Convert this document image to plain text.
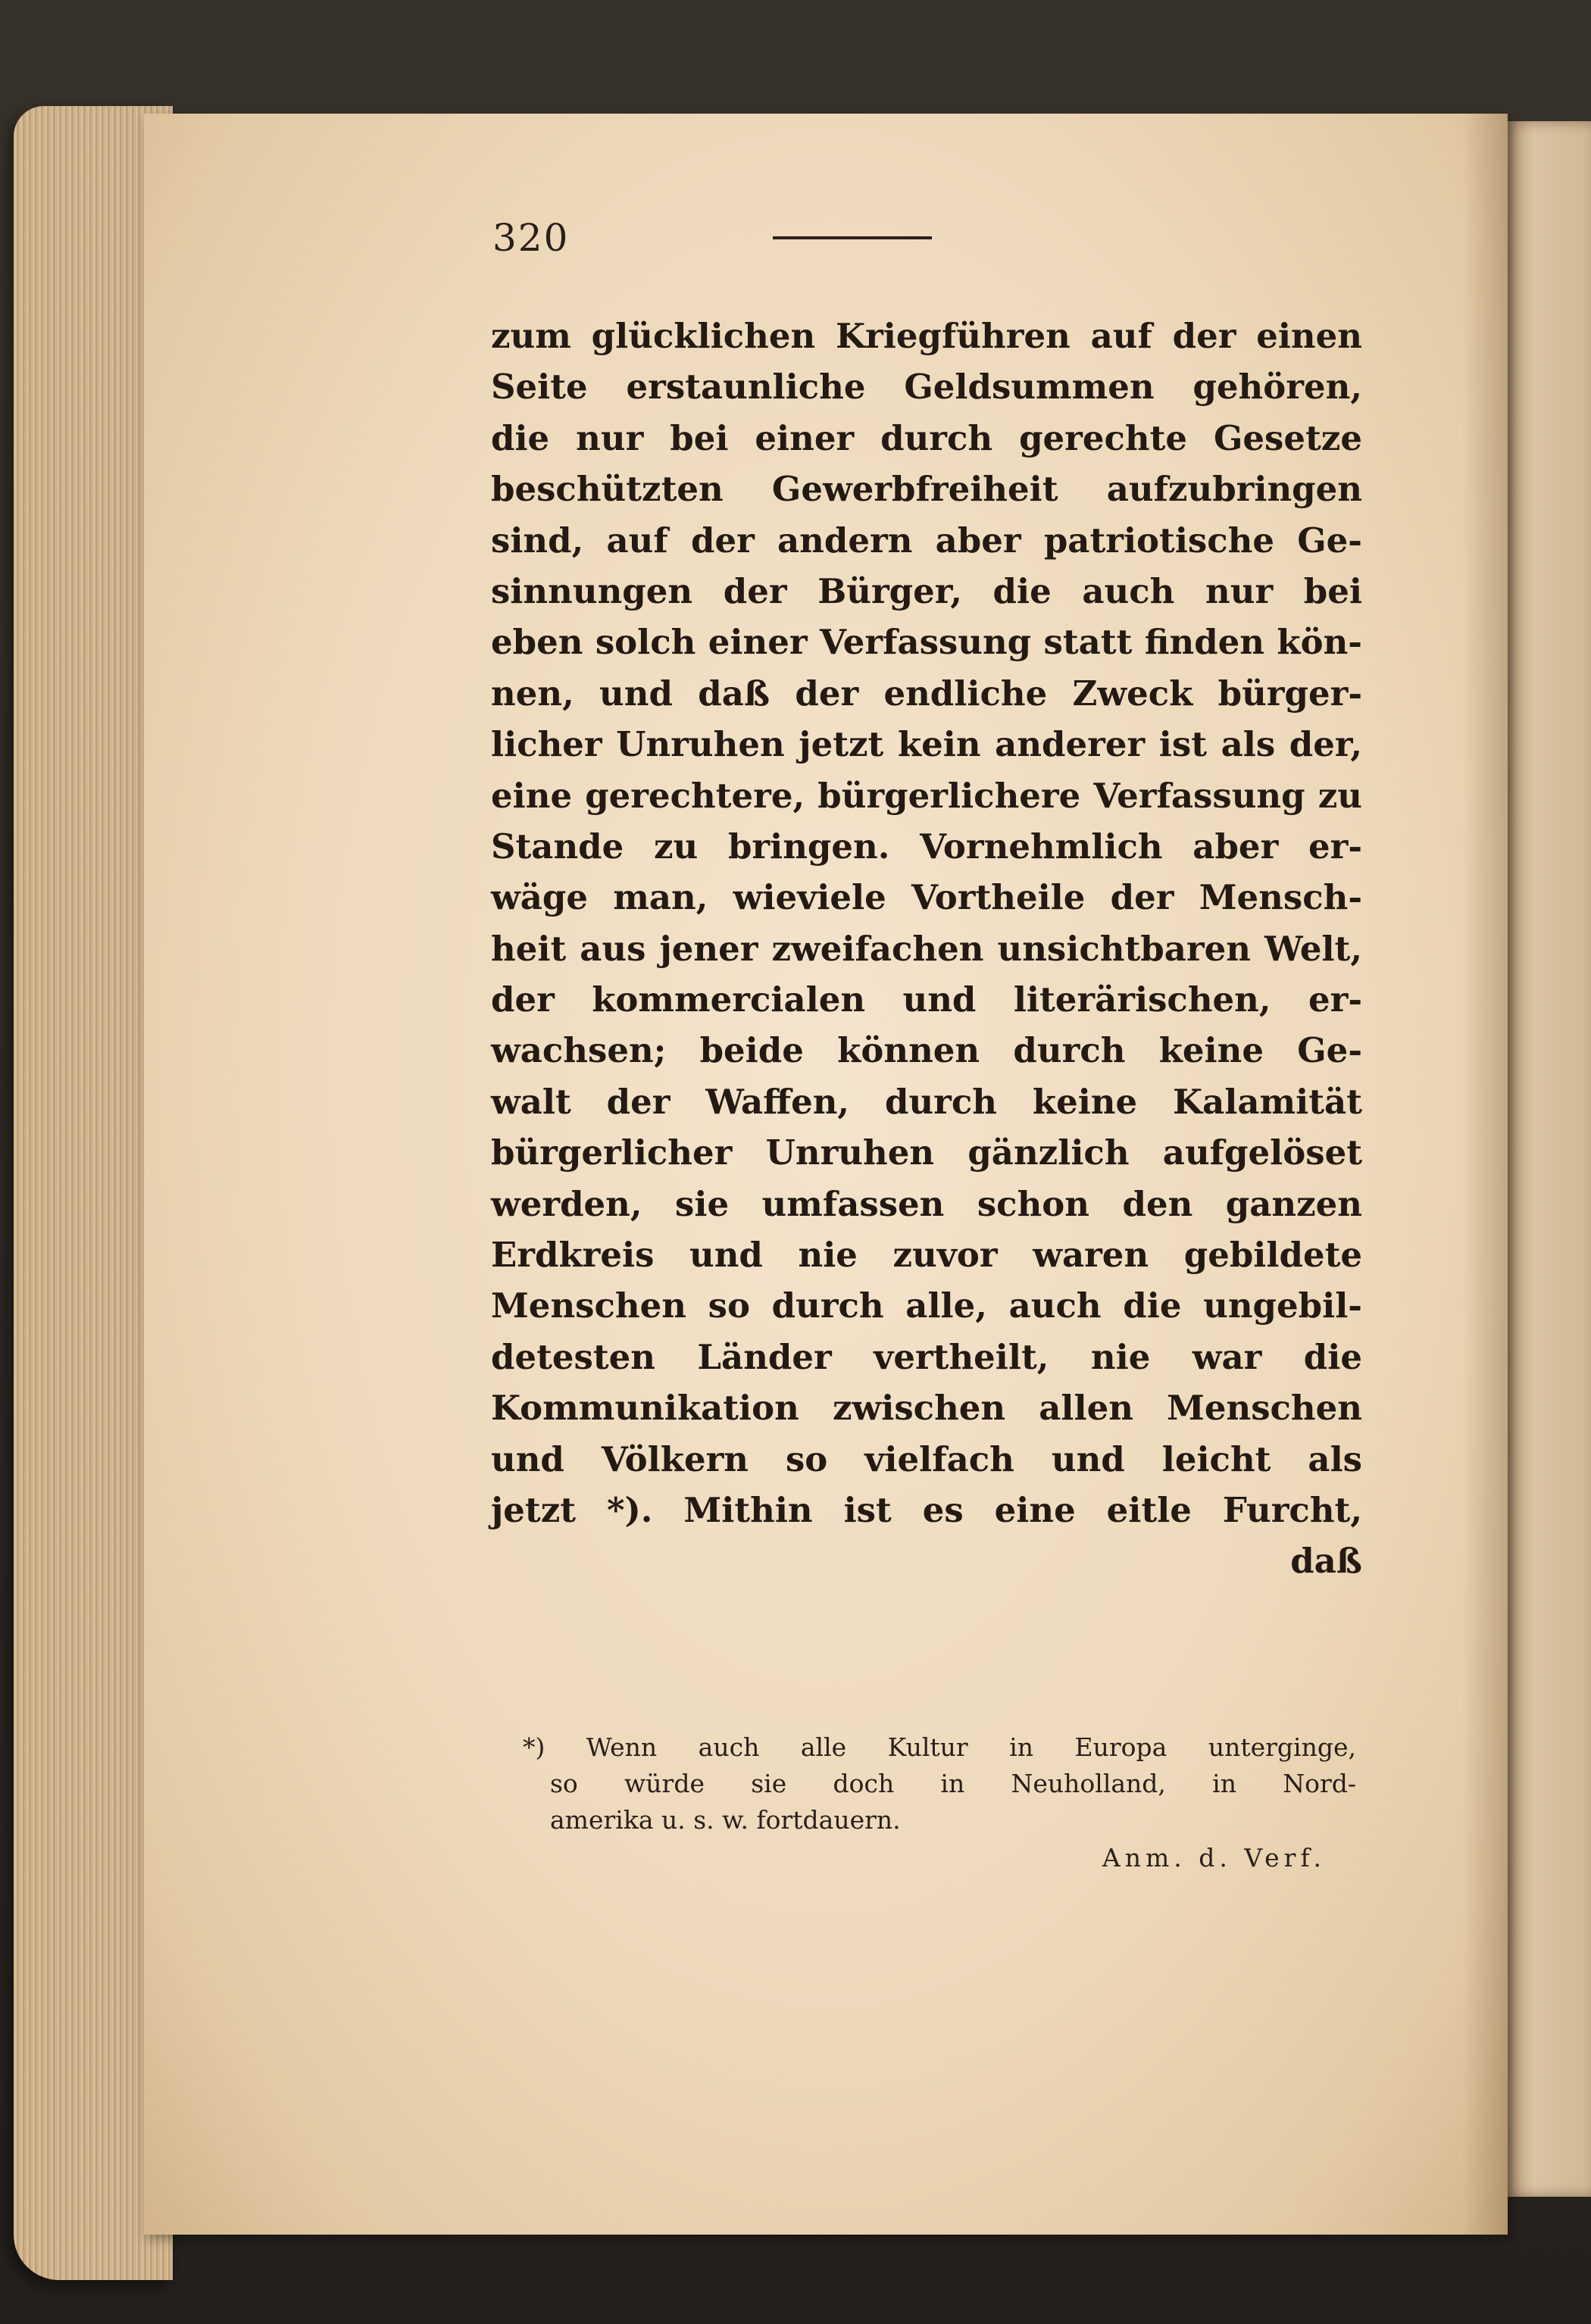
320
zum glücklichen Kriegführen auf der einen
Seite erstaunliche Geldsummen gehören,
die nur bei einer durch gerechte Gesetze
beschützten Gewerbfreiheit aufzubringen
sind, auf der andern aber patriotische Ge-
sinnungen der Bürger, die auch nur bei
eben solch einer Verfassung statt finden kön-
nen, und daß der endliche Zweck bürger-
licher Unruhen jetzt kein anderer ist als der,
eine gerechtere, bürgerlichere Verfassung zu
Stande zu bringen. Vornehmlich aber er-
wäge man, wieviele Vortheile der Mensch-
heit aus jener zweifachen unsichtbaren Welt,
der kommercialen und literärischen, er-
wachsen; beide können durch keine Ge-
walt der Waffen, durch keine Kalamität
bürgerlicher Unruhen gänzlich aufgelöset
werden, sie umfassen schon den ganzen
Erdkreis und nie zuvor waren gebildete
Menschen so durch alle, auch die ungebil-
detesten Länder vertheilt, nie war die
Kommunikation zwischen allen Menschen
und Völkern so vielfach und leicht als
jetzt *). Mithin ist es eine eitle Furcht,
daß
*) Wenn auch alle Kultur in Europa unterginge,
so würde sie doch in Neuholland, in Nord-
amerika u. s. w. fortdauern.
Anm. d. Verf.
